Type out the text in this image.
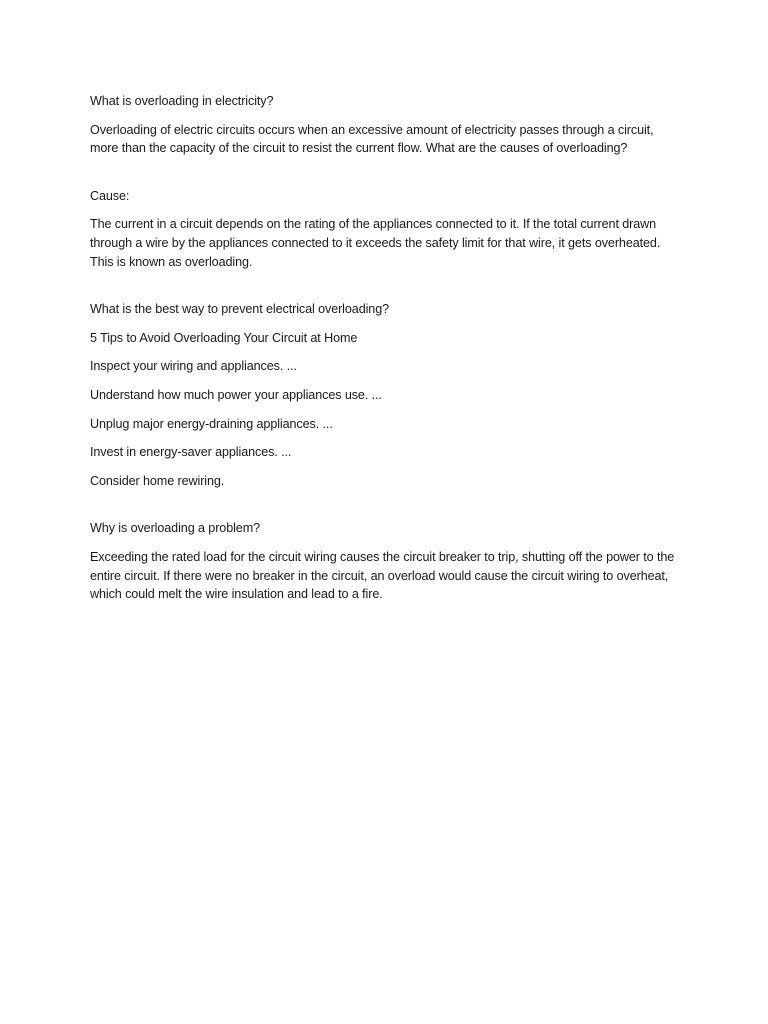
What is overloading in electricity?

Overloading of electric circuits occurs when an excessive amount of electricity passes through a circuit, more than the capacity of the circuit to resist the current flow. What are the causes of overloading?

Cause:

The current in a circuit depends on the rating of the appliances connected to it. If the total current drawn through a wire by the appliances connected to it exceeds the safety limit for that wire, it gets overheated. This is known as overloading.

What is the best way to prevent electrical overloading?

5 Tips to Avoid Overloading Your Circuit at Home

Inspect your wiring and appliances. ...

Understand how much power your appliances use. ...

Unplug major energy-draining appliances. ...

Invest in energy-saver appliances. ...

Consider home rewiring.

Why is overloading a problem?

Exceeding the rated load for the circuit wiring causes the circuit breaker to trip, shutting off the power to the entire circuit. If there were no breaker in the circuit, an overload would cause the circuit wiring to overheat, which could melt the wire insulation and lead to a fire.
